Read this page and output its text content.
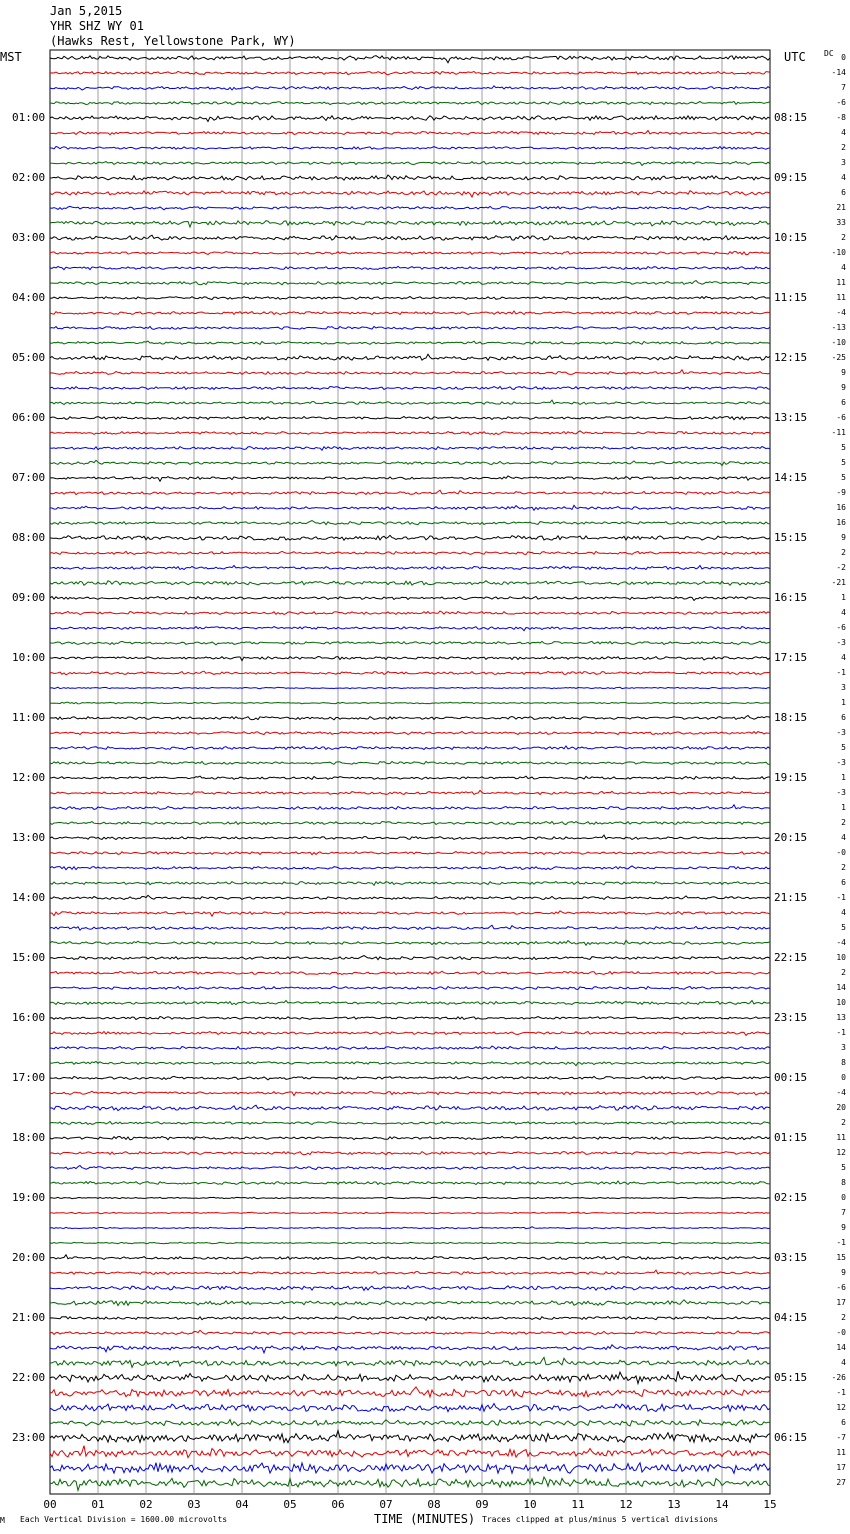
Jan 5,2015
YHR SHZ WY 01
(Hawks Rest, Yellowstone Park, WY)
MST	UTC DC
01:00
02:00
03:00
04:00
05:00
06:00
07:00
08:00
09:00
10:00
11:00
12:00
13:00
14:00
15:00
16:00
17:00
18:00
19:00
20:00
21:00
22:00
23:00
08:15
09:15
10:15
11:15
12:15
13:15
14:15
15:15
16:15
17:15
18:15
19:15
20:15
21:15
22:15
23:15
00:15
01:15
02:15
03:15
04:15
05:15
06:15
0
-14
7
-6
-8
4
2
3
4
6
21
33
2
-10
4
11
11
-4
-13
-10
-25
9
9
6
-6
-11
5
5
5
-9
16
16
9
2
-2
-21
1
4
-6
-3
4
-1
3
1
6
-3
5
-3
1
-3
1
2
4
-0
2
6
-1
4
5
-4
10
2
14
10
13
-1
3
8
0
-4
20
2
11
12
5
8
0
7
9
-1
15
9
-6
17
2
-0
14
4
-26
-1
12
6
-7
11
17
27
00	01	02	03	04	05	06	07	08	09	10	11	12	13	14	15
M Each Vertical Division = 1600.00 microvolts	TIME (MINUTES) Traces clipped at plus/minus 5 vertical divisions
